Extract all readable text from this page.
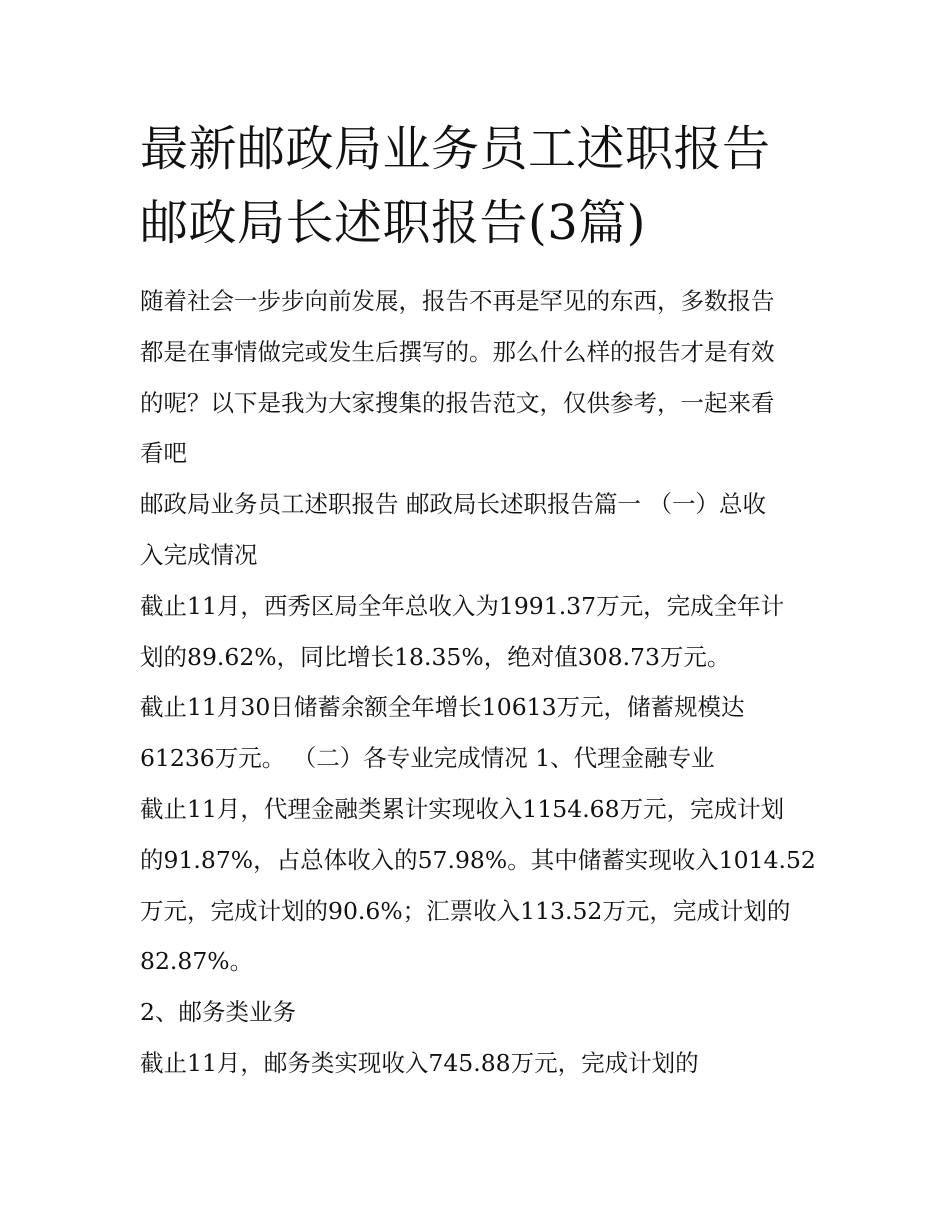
最新邮政局业务员工述职报告
邮政局长述职报告(3篇)
随着社会一步步向前发展，报告不再是罕见的东西，多数报告
都是在事情做完或发生后撰写的。那么什么样的报告才是有效
的呢？以下是我为大家搜集的报告范文，仅供参考，一起来看
看吧
邮政局业务员工述职报告 邮政局长述职报告篇一 （一）总收
入完成情况
截止11月，西秀区局全年总收入为1991.37万元，完成全年计
划的89.62%，同比增长18.35%，绝对值308.73万元。
截止11月30日储蓄余额全年增长10613万元，储蓄规模达
61236万元。 （二）各专业完成情况 1、代理金融专业
截止11月，代理金融类累计实现收入1154.68万元，完成计划
的91.87%，占总体收入的57.98%。其中储蓄实现收入1014.52
万元，完成计划的90.6%；汇票收入113.52万元，完成计划的
82.87%。
2、邮务类业务
截止11月，邮务类实现收入745.88万元，完成计划的
